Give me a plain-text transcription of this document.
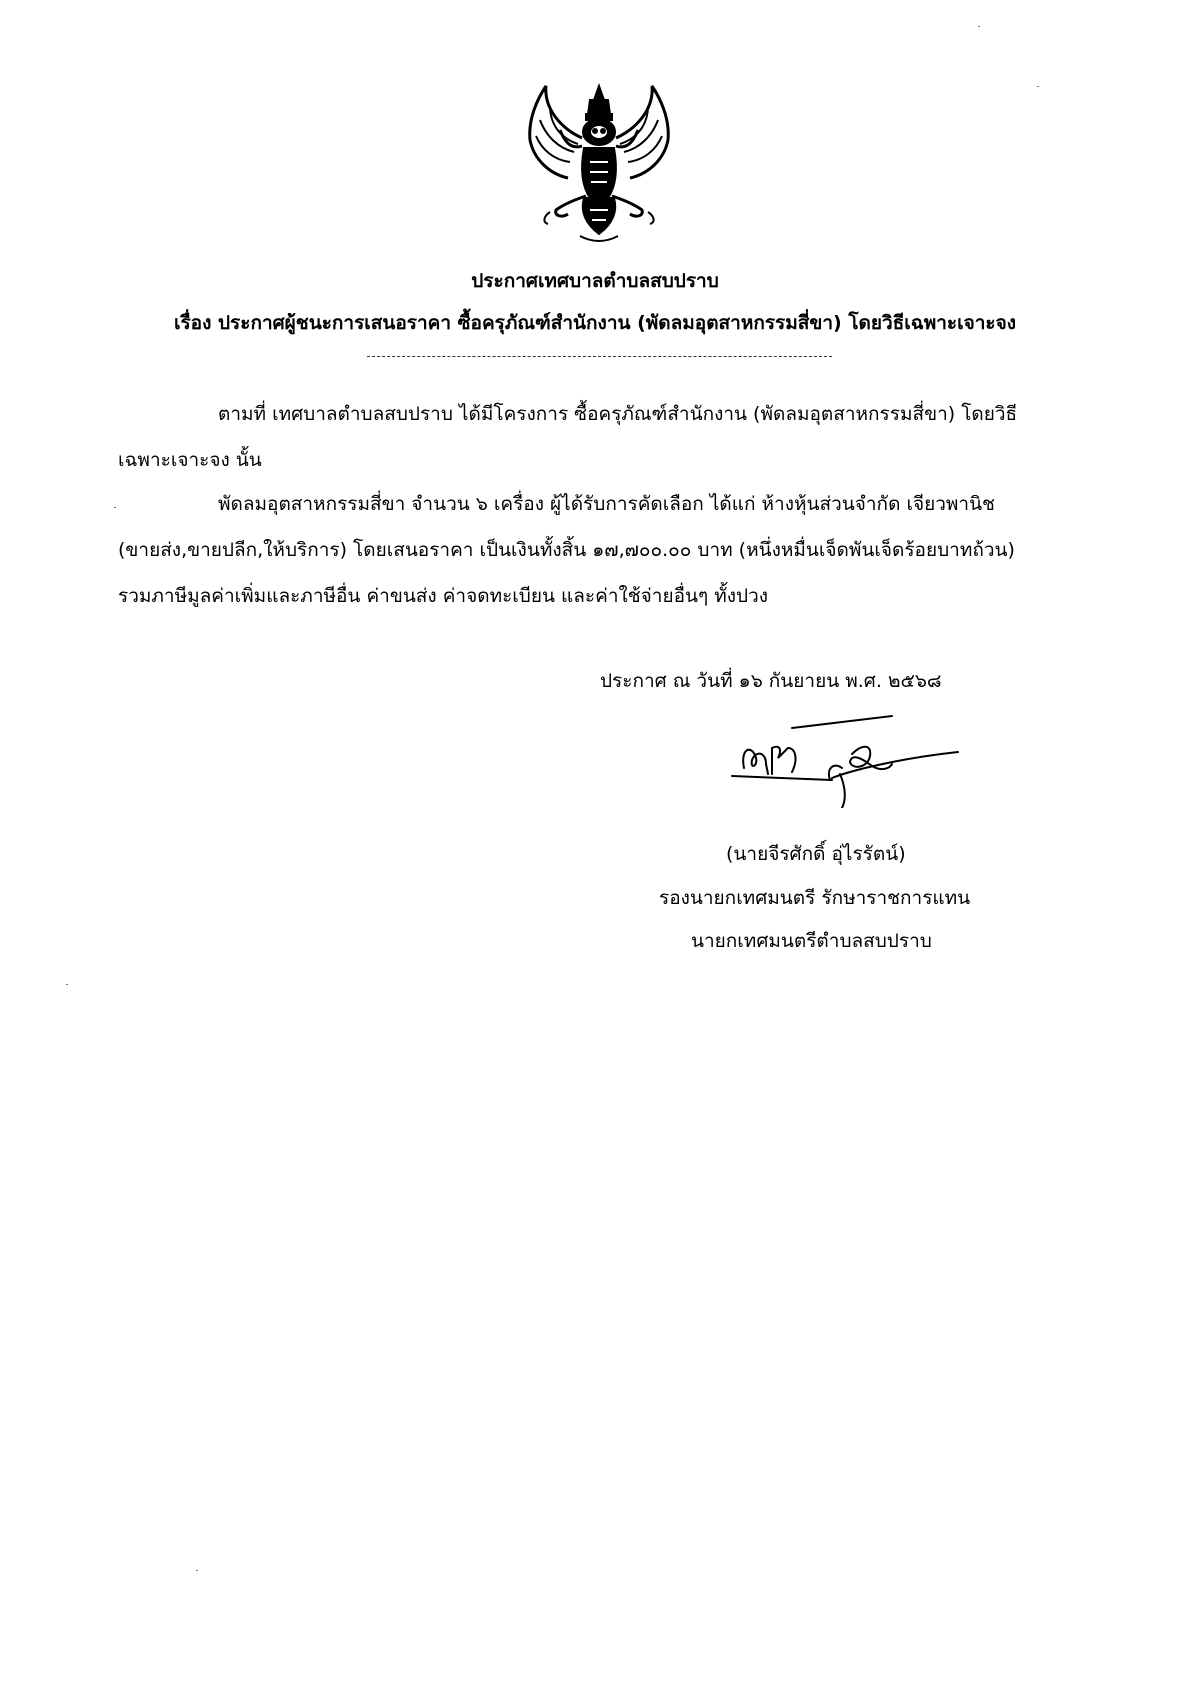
ประกาศเทศบาลตำบลสบปราบ
เรื่อง ประกาศผู้ชนะการเสนอราคา ซื้อครุภัณฑ์สำนักงาน (พัดลมอุตสาหกรรมสี่ขา) โดยวิธีเฉพาะเจาะจง
ตามที่ เทศบาลตำบลสบปราบ ได้มีโครงการ ซื้อครุภัณฑ์สำนักงาน (พัดลมอุตสาหกรรมสี่ขา) โดยวิธี
เฉพาะเจาะจง นั้น
พัดลมอุตสาหกรรมสี่ขา จำนวน ๖ เครื่อง ผู้ได้รับการคัดเลือก ได้แก่ ห้างหุ้นส่วนจำกัด เจียวพานิช
(ขายส่ง,ขายปลีก,ให้บริการ) โดยเสนอราคา เป็นเงินทั้งสิ้น ๑๗,๗๐๐.๐๐ บาท (หนึ่งหมื่นเจ็ดพันเจ็ดร้อยบาทถ้วน)
รวมภาษีมูลค่าเพิ่มและภาษีอื่น ค่าขนส่ง ค่าจดทะเบียน และค่าใช้จ่ายอื่นๆ ทั้งปวง
ประกาศ ณ วันที่ ๑๖ กันยายน พ.ศ. ๒๕๖๘
(นายจีรศักดิ์ อุ่ไรรัตน์)
รองนายกเทศมนตรี รักษาราชการแทน
นายกเทศมนตรีตำบลสบปราบ
